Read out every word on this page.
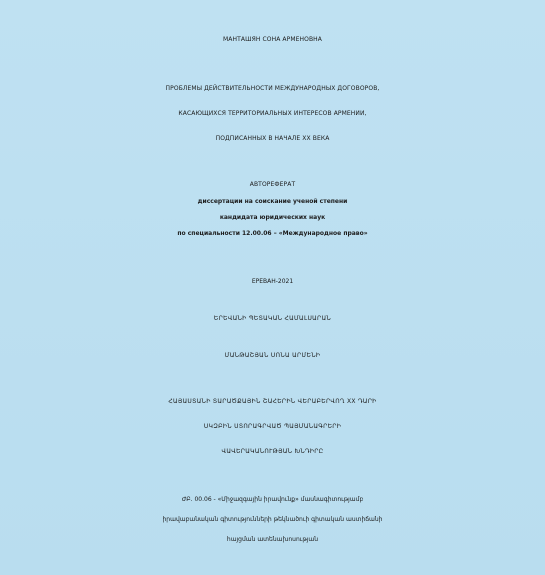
МАНТАШЯН СОНА АРМЕНОВНА
ПРОБЛЕМЫ ДЕЙСТВИТЕЛЬНОСТИ МЕЖДУНАРОДНЫХ ДОГОВОРОВ,
КАСАЮЩИХСЯ ТЕРРИТОРИАЛЬНЫХ ИНТЕРЕСОВ АРМЕНИИ,
ПОДПИСАННЫХ В НАЧАЛЕ XX ВЕКА
АВТОРЕФЕРАТ
диссертации на соискание ученой степени
кандидата юридических наук
по специальности 12.00.06 – «Международное право»
ЕРЕВАН-2021
ԵՐԵՎԱՆԻ ՊԵՏԱԿԱՆ ՀԱՄԱԼՍԱՐԱՆ
ՄԱՆԹԱՇՅԱՆ ՍՈՆԱ ԱՐՄԵՆԻ
ՀԱՅԱՍՏԱՆԻ ՏԱՐԱԾՔԱՅԻՆ ՇԱՀԵՐԻՆ ՎԵՐԱԲԵՐՎՈՂ XX ԴԱՐԻ
ՍԿԶԲԻՆ ՍՏՈՐԱԳՐՎԱԾ ՊԱՅՄԱՆԱԳՐԵՐԻ
ՎԱՎԵՐԱԿԱՆՈՒԹՅԱՆ ԽՆԴԻՐԸ
ԺԲ. 00.06 - «Միջազգային իրավունք» մասնագիտությամբ
իրավաբանական գիտությունների թեկնածուի գիտական աստիճանի
հայցման ատենախոսության
